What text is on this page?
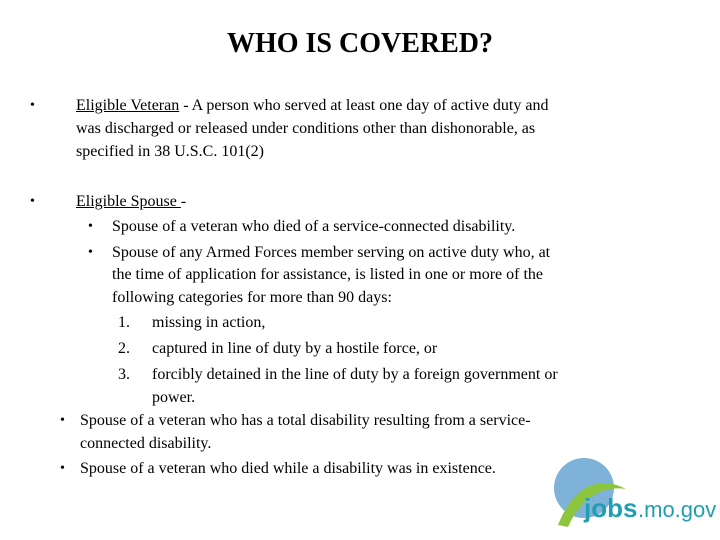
WHO IS COVERED?
•	Eligible Veteran - A person who served at least one day of active duty and
was discharged or released under conditions other than dishonorable, as
specified in 38 U.S.C. 101(2)
•	Eligible Spouse -
• Spouse of a veteran who died of a service-connected disability.
• Spouse of any Armed Forces member serving on active duty who, at
the time of application for assistance, is listed in one or more of the
following categories for more than 90 days:
1. missing in action,
2. captured in line of duty by a hostile force, or
3. forcibly detained in the line of duty by a foreign government or
power.
• Spouse of a veteran who has a total disability resulting from a service-
connected disability.
• Spouse of a veteran who died while a disability was in existence.
jobs .mo.gov
